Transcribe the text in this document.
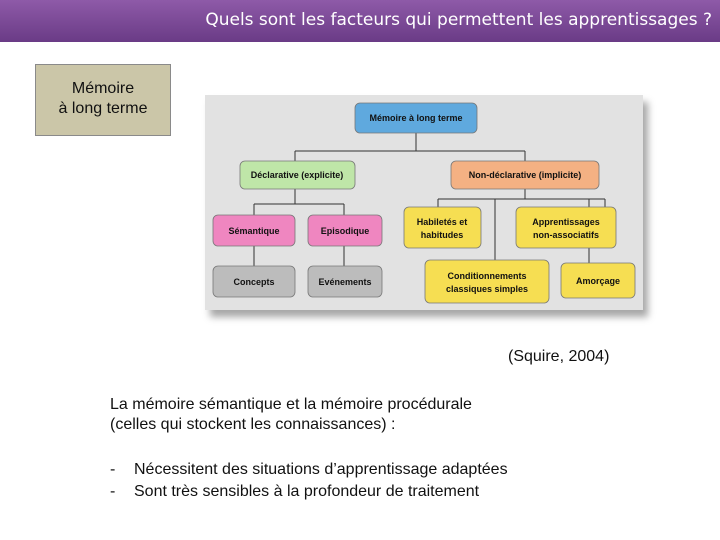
Quels sont les facteurs qui permettent les apprentissages ?
Mémoire
à long terme
Mémoire à long terme
Déclarative (explicite)	Non-déclarative (implicite)
Sémantique	Episodique
Habiletés et
habitudes
Apprentissages
non-associatifs
Concepts	Evénements
Conditionnements
classiques simples
Amorçage
(Squire, 2004)
La mémoire sémantique et la mémoire procédurale
(celles qui stockent les connaissances) :
- Nécessitent des situations d’apprentissage adaptées
- Sont très sensibles à la profondeur de traitement
